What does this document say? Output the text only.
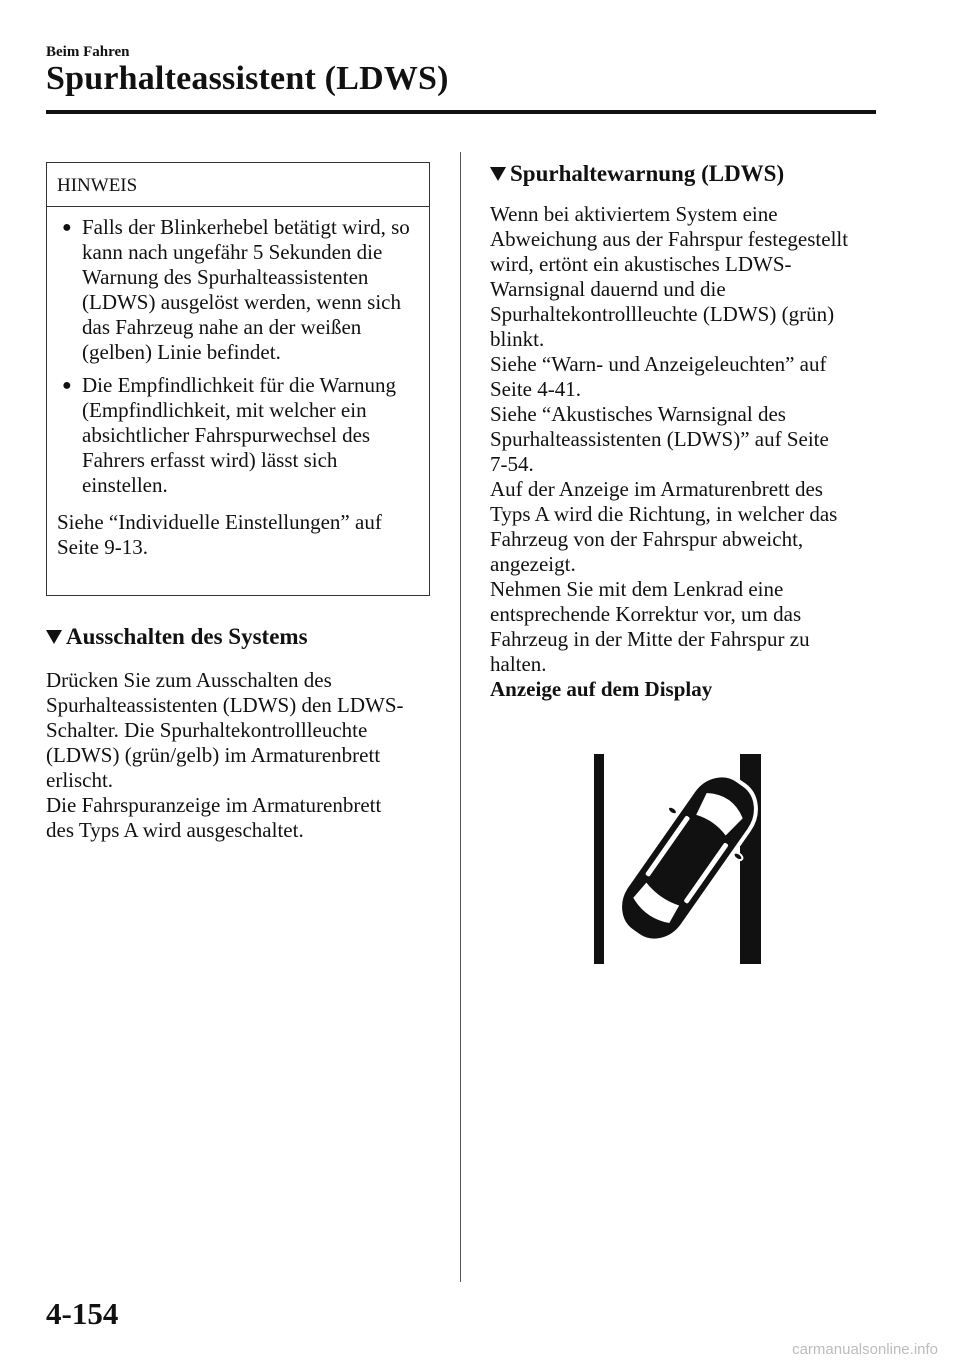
Beim Fahren

Spurhalteassistent (LDWS)
HINWEIS
● Falls der Blinkerhebel betätigt wird, so kann nach ungefähr 5 Sekunden die Warnung des Spurhalteassistenten (LDWS) ausgelöst werden, wenn sich das Fahrzeug nahe an der weißen (gelben) Linie befindet.
● Die Empfindlichkeit für die Warnung (Empfindlichkeit, mit welcher ein absichtlicher Fahrspurwechsel des Fahrers erfasst wird) lässt sich einstellen.

Siehe “Individuelle Einstellungen” auf Seite 9-13.

Ausschalten des Systems
Drücken Sie zum Ausschalten des
Spurhalteassistenten (LDWS) den LDWS-
Schalter. Die Spurhaltekontrollleuchte
(LDWS) (grün/gelb) im Armaturenbrett
erlischt.
Die Fahrspuranzeige im Armaturenbrett
des Typs A wird ausgeschaltet.
Spurhaltewarnung (LDWS)
Wenn bei aktiviertem System eine
Abweichung aus der Fahrspur festegestellt
wird, ertönt ein akustisches LDWS-
Warnsignal dauernd und die
Spurhaltekontrollleuchte (LDWS) (grün)
blinkt.
Siehe “Warn- und Anzeigeleuchten” auf
Seite 4-41.
Siehe “Akustisches Warnsignal des
Spurhalteassistenten (LDWS)” auf Seite
7-54.
Auf der Anzeige im Armaturenbrett des
Typs A wird die Richtung, in welcher das
Fahrzeug von der Fahrspur abweicht,
angezeigt.
Nehmen Sie mit dem Lenkrad eine
entsprechende Korrektur vor, um das
Fahrzeug in der Mitte der Fahrspur zu
halten.
Anzeige auf dem Display

4-154

carmanualsonline.info
